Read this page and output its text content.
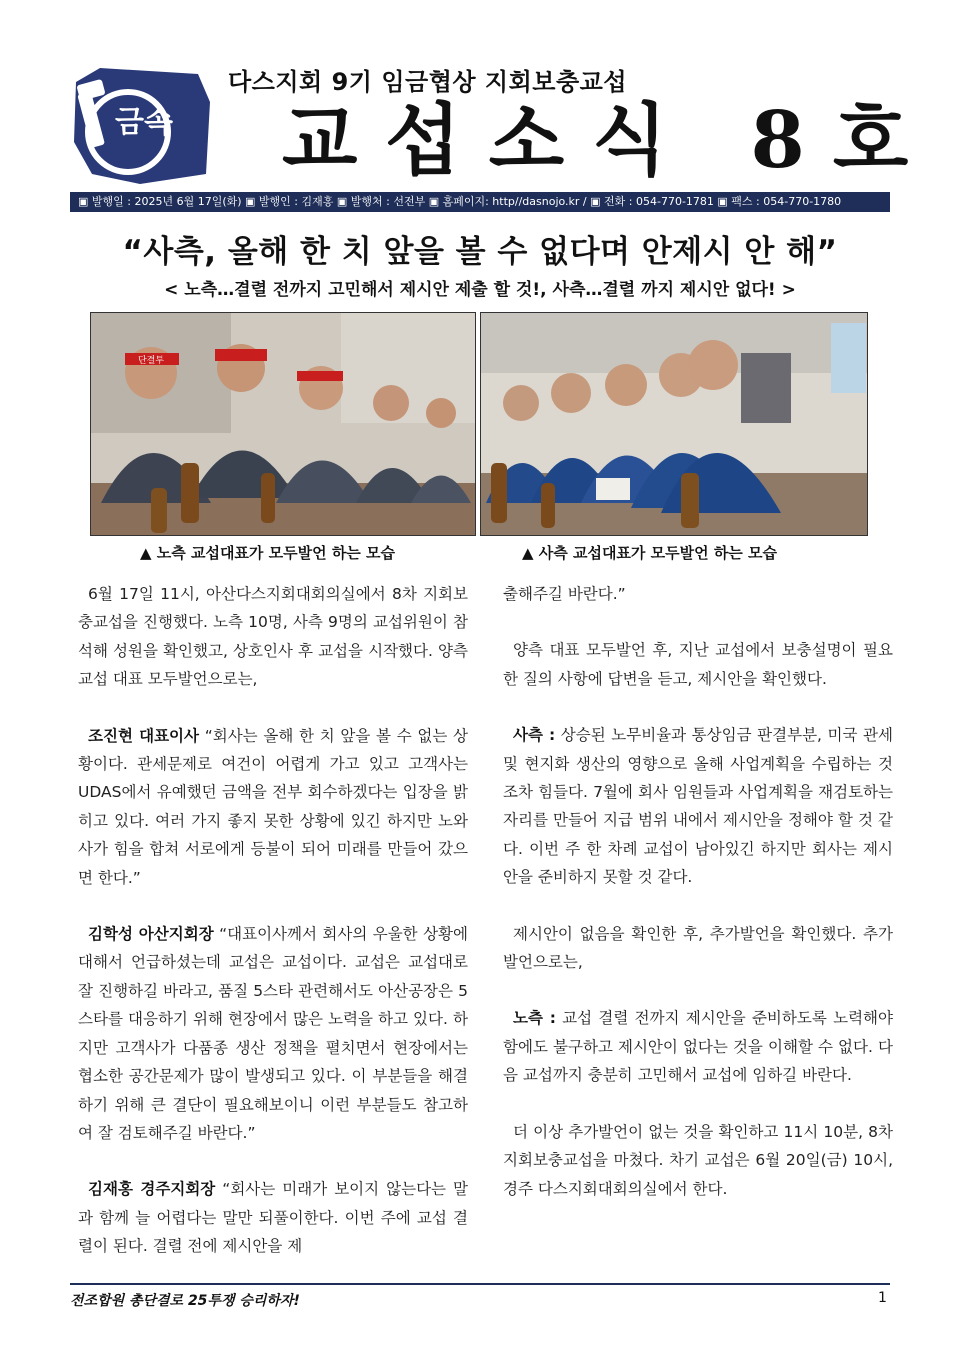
금속
다스지회 9기 임금협상 지회보충교섭
교섭소식 8호
▣ 발행일 : 2025년 6월 17일(화) ▣ 발행인 : 김재홍 ▣ 발행처 : 선전부 ▣ 홈페이지: http//dasnojo.kr / ▣ 전화 : 054-770-1781 ▣ 팩스 : 054-770-1780
“사측, 올해 한 치 앞을 볼 수 없다며 안제시 안 해”
< 노측…결렬 전까지 고민해서 제시안 제출 할 것!, 사측…결렬 까지 제시안 없다! >
단결투
▲ 노측 교섭대표가 모두발언 하는 모습	▲ 사측 교섭대표가 모두발언 하는 모습

6월 17일 11시, 아산다스지회대회의실에서 8차 지회보충교섭을 진행했다. 노측 10명, 사측 9명의 교섭위원이 참석해 성원을 확인했고, 상호인사 후 교섭을 시작했다. 양측 교섭 대표 모두발언으로는,

조진현 대표이사 “회사는 올해 한 치 앞을 볼 수 없는 상황이다. 관세문제로 여건이 어렵게 가고 있고 고객사는 UDAS에서 유예했던 금액을 전부 회수하겠다는 입장을 밝히고 있다. 여러 가지 좋지 못한 상황에 있긴 하지만 노와 사가 힘을 합쳐 서로에게 등불이 되어 미래를 만들어 갔으면 한다.”

김학성 아산지회장 “대표이사께서 회사의 우울한 상황에 대해서 언급하셨는데 교섭은 교섭이다. 교섭은 교섭대로 잘 진행하길 바라고, 품질 5스타 관련해서도 아산공장은 5스타를 대응하기 위해 현장에서 많은 노력을 하고 있다. 하지만 고객사가 다품종 생산 정책을 펼치면서 현장에서는 협소한 공간문제가 많이 발생되고 있다. 이 부분들을 해결하기 위해 큰 결단이 필요해보이니 이런 부분들도 참고하여 잘 검토해주길 바란다.”

김재홍 경주지회장 “회사는 미래가 보이지 않는다는 말과 함께 늘 어렵다는 말만 되풀이한다. 이번 주에 교섭 결렬이 된다. 결렬 전에 제시안을 제

출해주길 바란다.”

양측 대표 모두발언 후, 지난 교섭에서 보충설명이 필요한 질의 사항에 답변을 듣고, 제시안을 확인했다.

사측 : 상승된 노무비율과 통상임금 판결부분, 미국 관세 및 현지화 생산의 영향으로 올해 사업계획을 수립하는 것조차 힘들다. 7월에 회사 임원들과 사업계획을 재검토하는 자리를 만들어 지급 범위 내에서 제시안을 정해야 할 것 같다. 이번 주 한 차례 교섭이 남아있긴 하지만 회사는 제시안을 준비하지 못할 것 같다.

제시안이 없음을 확인한 후, 추가발언을 확인했다. 추가발언으로는,

노측 : 교섭 결렬 전까지 제시안을 준비하도록 노력해야함에도 불구하고 제시안이 없다는 것을 이해할 수 없다. 다음 교섭까지 충분히 고민해서 교섭에 임하길 바란다.

더 이상 추가발언이 없는 것을 확인하고 11시 10분, 8차 지회보충교섭을 마쳤다. 차기 교섭은 6월 20일(금) 10시, 경주 다스지회대회의실에서 한다.

전조합원 총단결로 25투쟁 승리하자!	1
